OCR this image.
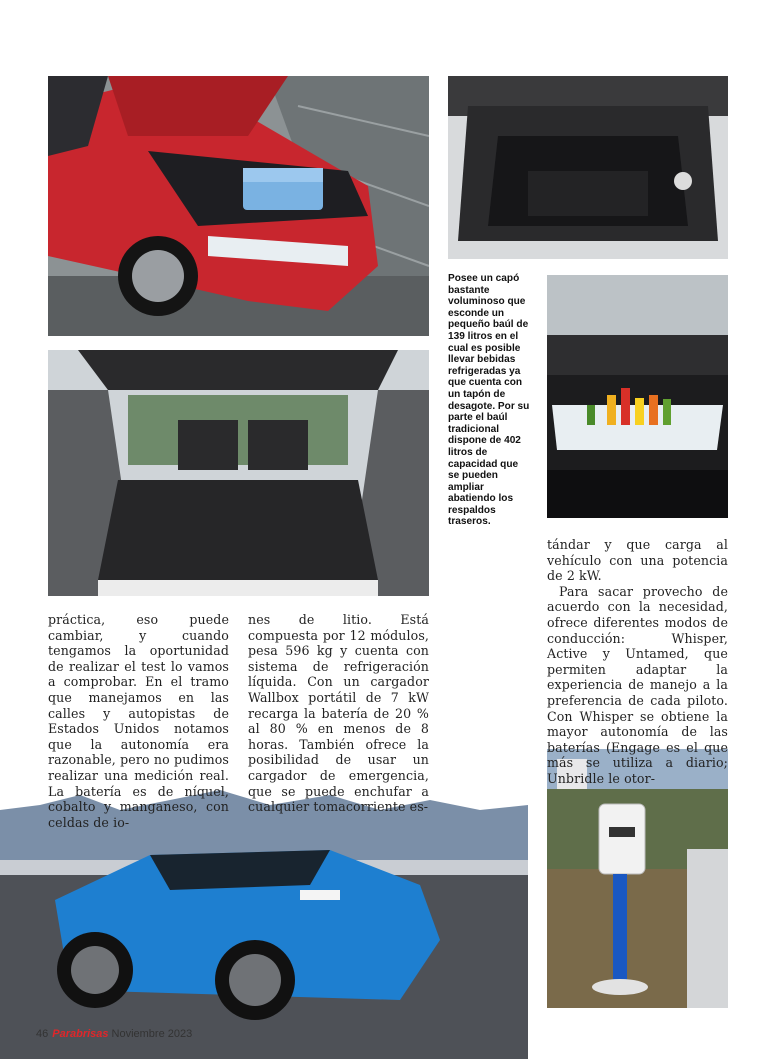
Posee un capó bastante voluminoso que esconde un pequeño baúl de 139 litros en el cual es posible llevar bebidas refrigeradas ya que cuenta con un tapón de desagote. Por su parte el baúl tradicional dispone de 402 litros de capacidad que se pueden ampliar abatiendo los respaldos traseros.

práctica, eso puede cambiar, y cuando tengamos la oportunidad de realizar el test lo vamos a comprobar. En el tramo que manejamos en las calles y autopistas de Estados Unidos notamos que la autonomía era razonable, pero no pudimos realizar una medición real. La batería es de níquel, cobalto y manganeso, con celdas de io-

nes de litio. Está compuesta por 12 módulos, pesa 596 kg y cuenta con sistema de refrigeración líquida. Con un cargador Wallbox portátil de 7 kW recarga la batería de 20 % al 80 % en menos de 8 horas. También ofrece la posibilidad de usar un cargador de emergencia, que se puede enchufar a cualquier tomacorriente es-

tándar y que carga al vehículo con una potencia de 2 kW.

Para sacar provecho de acuerdo con la necesidad, ofrece diferentes modos de conducción: Whisper, Active y Untamed, que permiten adaptar la experiencia de manejo a la preferencia de cada piloto. Con Whisper se obtiene la mayor autonomía de las baterías (Engage es el que más se utiliza a diario; Unbridle le otor-

46 Parabrisas Noviembre 2023
